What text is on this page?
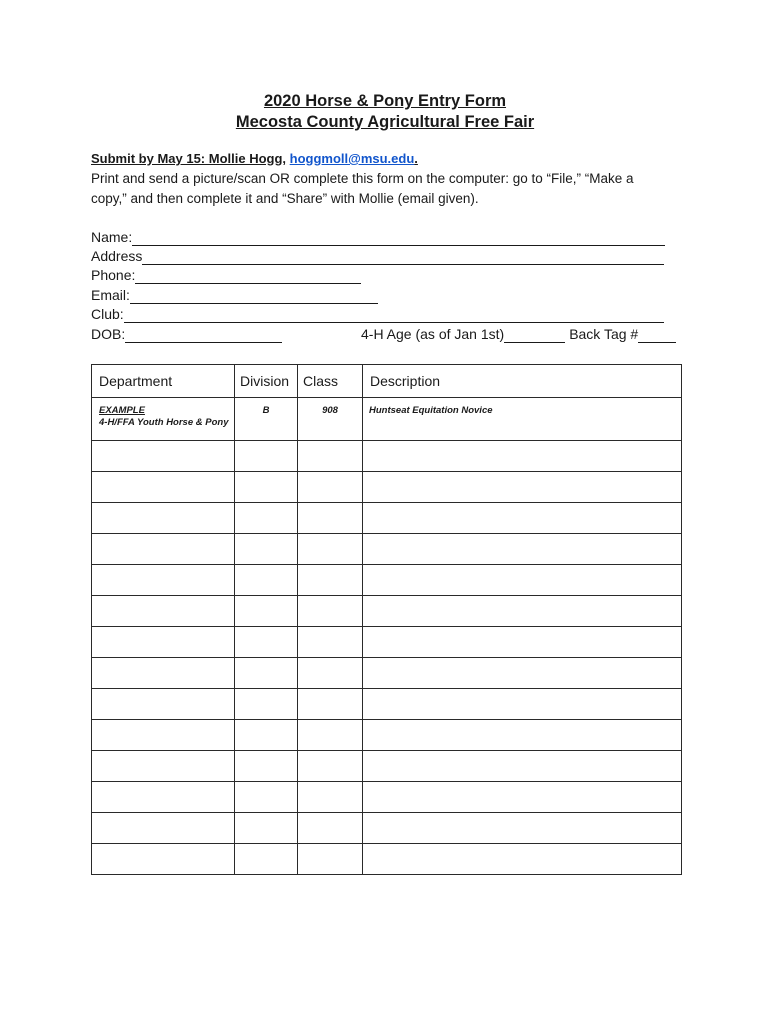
2020 Horse & Pony Entry Form
Mecosta County Agricultural Free Fair
Submit by May 15: Mollie Hogg, hoggmoll@msu.edu.
Print and send a picture/scan OR complete this form on the computer: go to “File,” “Make a copy,” and then complete it and “Share” with Mollie (email given).
Name:
Address
Phone:
Email:
Club:
DOB:	4-H Age (as of Jan 1st)	Back Tag #
Department	Division	Class	Description

EXAMPLE
4-H/FFA Youth Horse & Pony	B	908	Huntseat Equitation Novice
